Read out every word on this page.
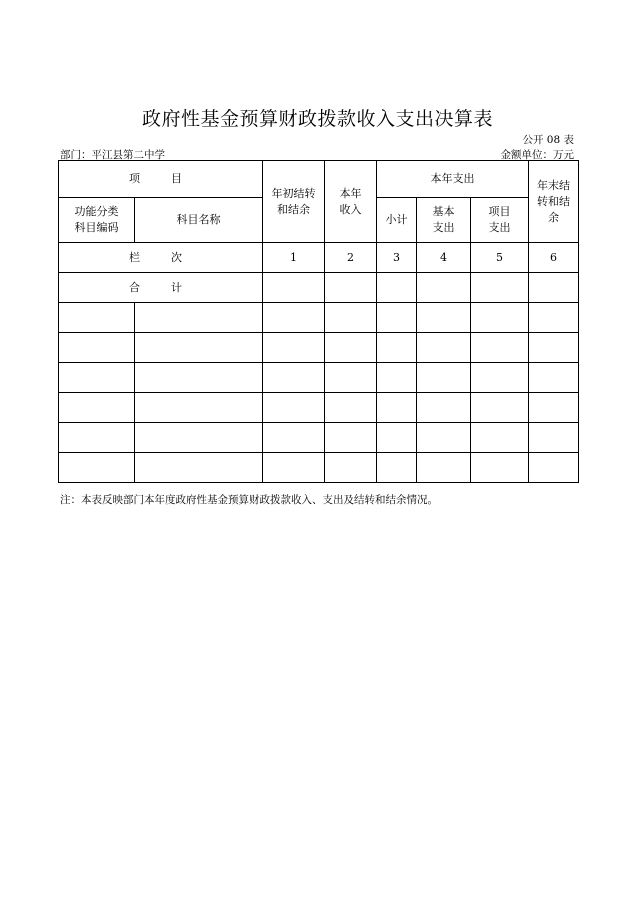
政府性基金预算财政拨款收入支出决算表
公开 08 表
部门：平江县第二中学	金额单位：万元
项　目		年初结转和结余	本年收入	本年支出			年末结转和结余

功能分类科目编码	科目名称			小计	基本支出	项目支出	

栏　次		1	2	3	4	5	6
合　计							

注：本表反映部门本年度政府性基金预算财政拨款收入、支出及结转和结余情况。
